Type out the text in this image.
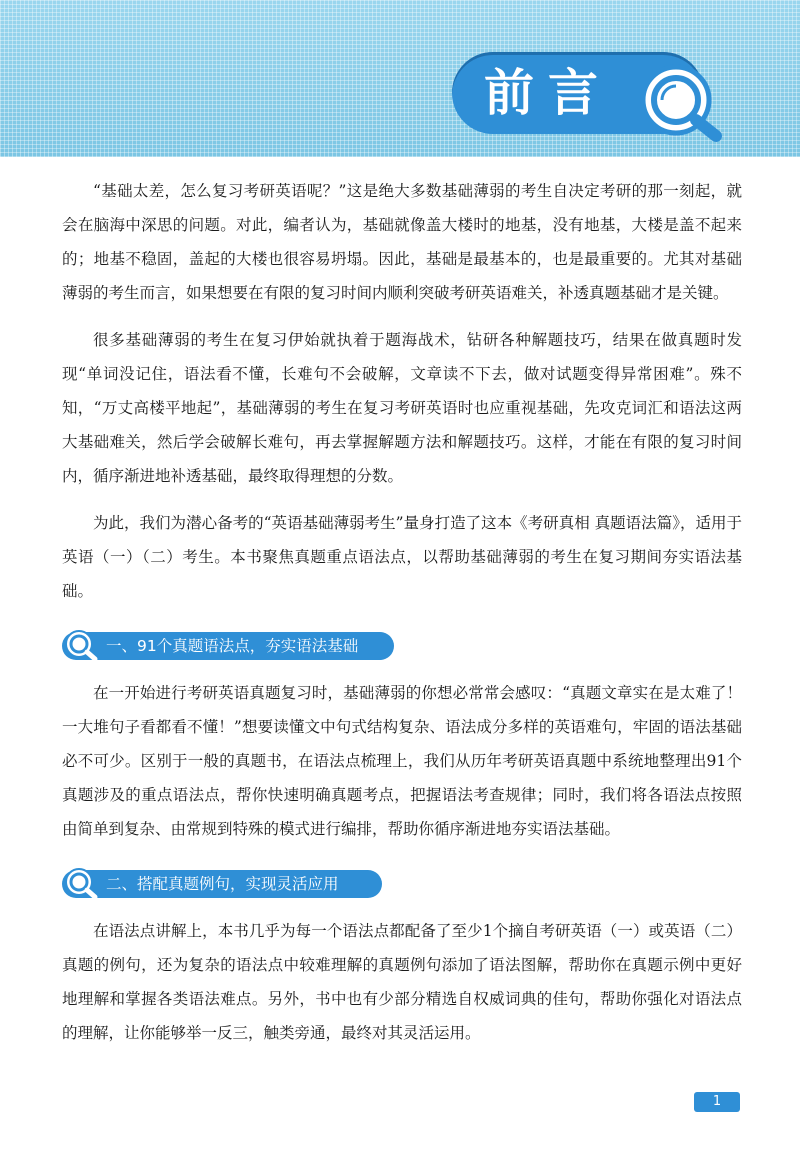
前言

“基础太差，怎么复习考研英语呢？”这是绝大多数基础薄弱的考生自决定考研的那一刻起，就会在脑海中深思的问题。对此，编者认为，基础就像盖大楼时的地基，没有地基，大楼是盖不起来的；地基不稳固，盖起的大楼也很容易坍塌。因此，基础是最基本的，也是最重要的。尤其对基础薄弱的考生而言，如果想要在有限的复习时间内顺利突破考研英语难关，补透真题基础才是关键。

很多基础薄弱的考生在复习伊始就执着于题海战术，钻研各种解题技巧，结果在做真题时发现“单词没记住，语法看不懂，长难句不会破解，文章读不下去，做对试题变得异常困难”。殊不知，“万丈高楼平地起”，基础薄弱的考生在复习考研英语时也应重视基础，先攻克词汇和语法这两大基础难关，然后学会破解长难句，再去掌握解题方法和解题技巧。这样，才能在有限的复习时间内，循序渐进地补透基础，最终取得理想的分数。

为此，我们为潜心备考的“英语基础薄弱考生”量身打造了这本《考研真相 真题语法篇》，适用于英语（一）（二）考生。本书聚焦真题重点语法点，以帮助基础薄弱的考生在复习期间夯实语法基础。

一、91个真题语法点，夯实语法基础

在一开始进行考研英语真题复习时，基础薄弱的你想必常常会感叹：“真题文章实在是太难了！一大堆句子看都看不懂！”想要读懂文中句式结构复杂、语法成分多样的英语难句，牢固的语法基础必不可少。区别于一般的真题书，在语法点梳理上，我们从历年考研英语真题中系统地整理出91个真题涉及的重点语法点，帮你快速明确真题考点，把握语法考查规律；同时，我们将各语法点按照由简单到复杂、由常规到特殊的模式进行编排，帮助你循序渐进地夯实语法基础。

二、搭配真题例句，实现灵活应用

在语法点讲解上，本书几乎为每一个语法点都配备了至少1个摘自考研英语（一）或英语（二）真题的例句，还为复杂的语法点中较难理解的真题例句添加了语法图解，帮助你在真题示例中更好地理解和掌握各类语法难点。另外，书中也有少部分精选自权威词典的佳句，帮助你强化对语法点的理解，让你能够举一反三，触类旁通，最终对其灵活运用。

1
